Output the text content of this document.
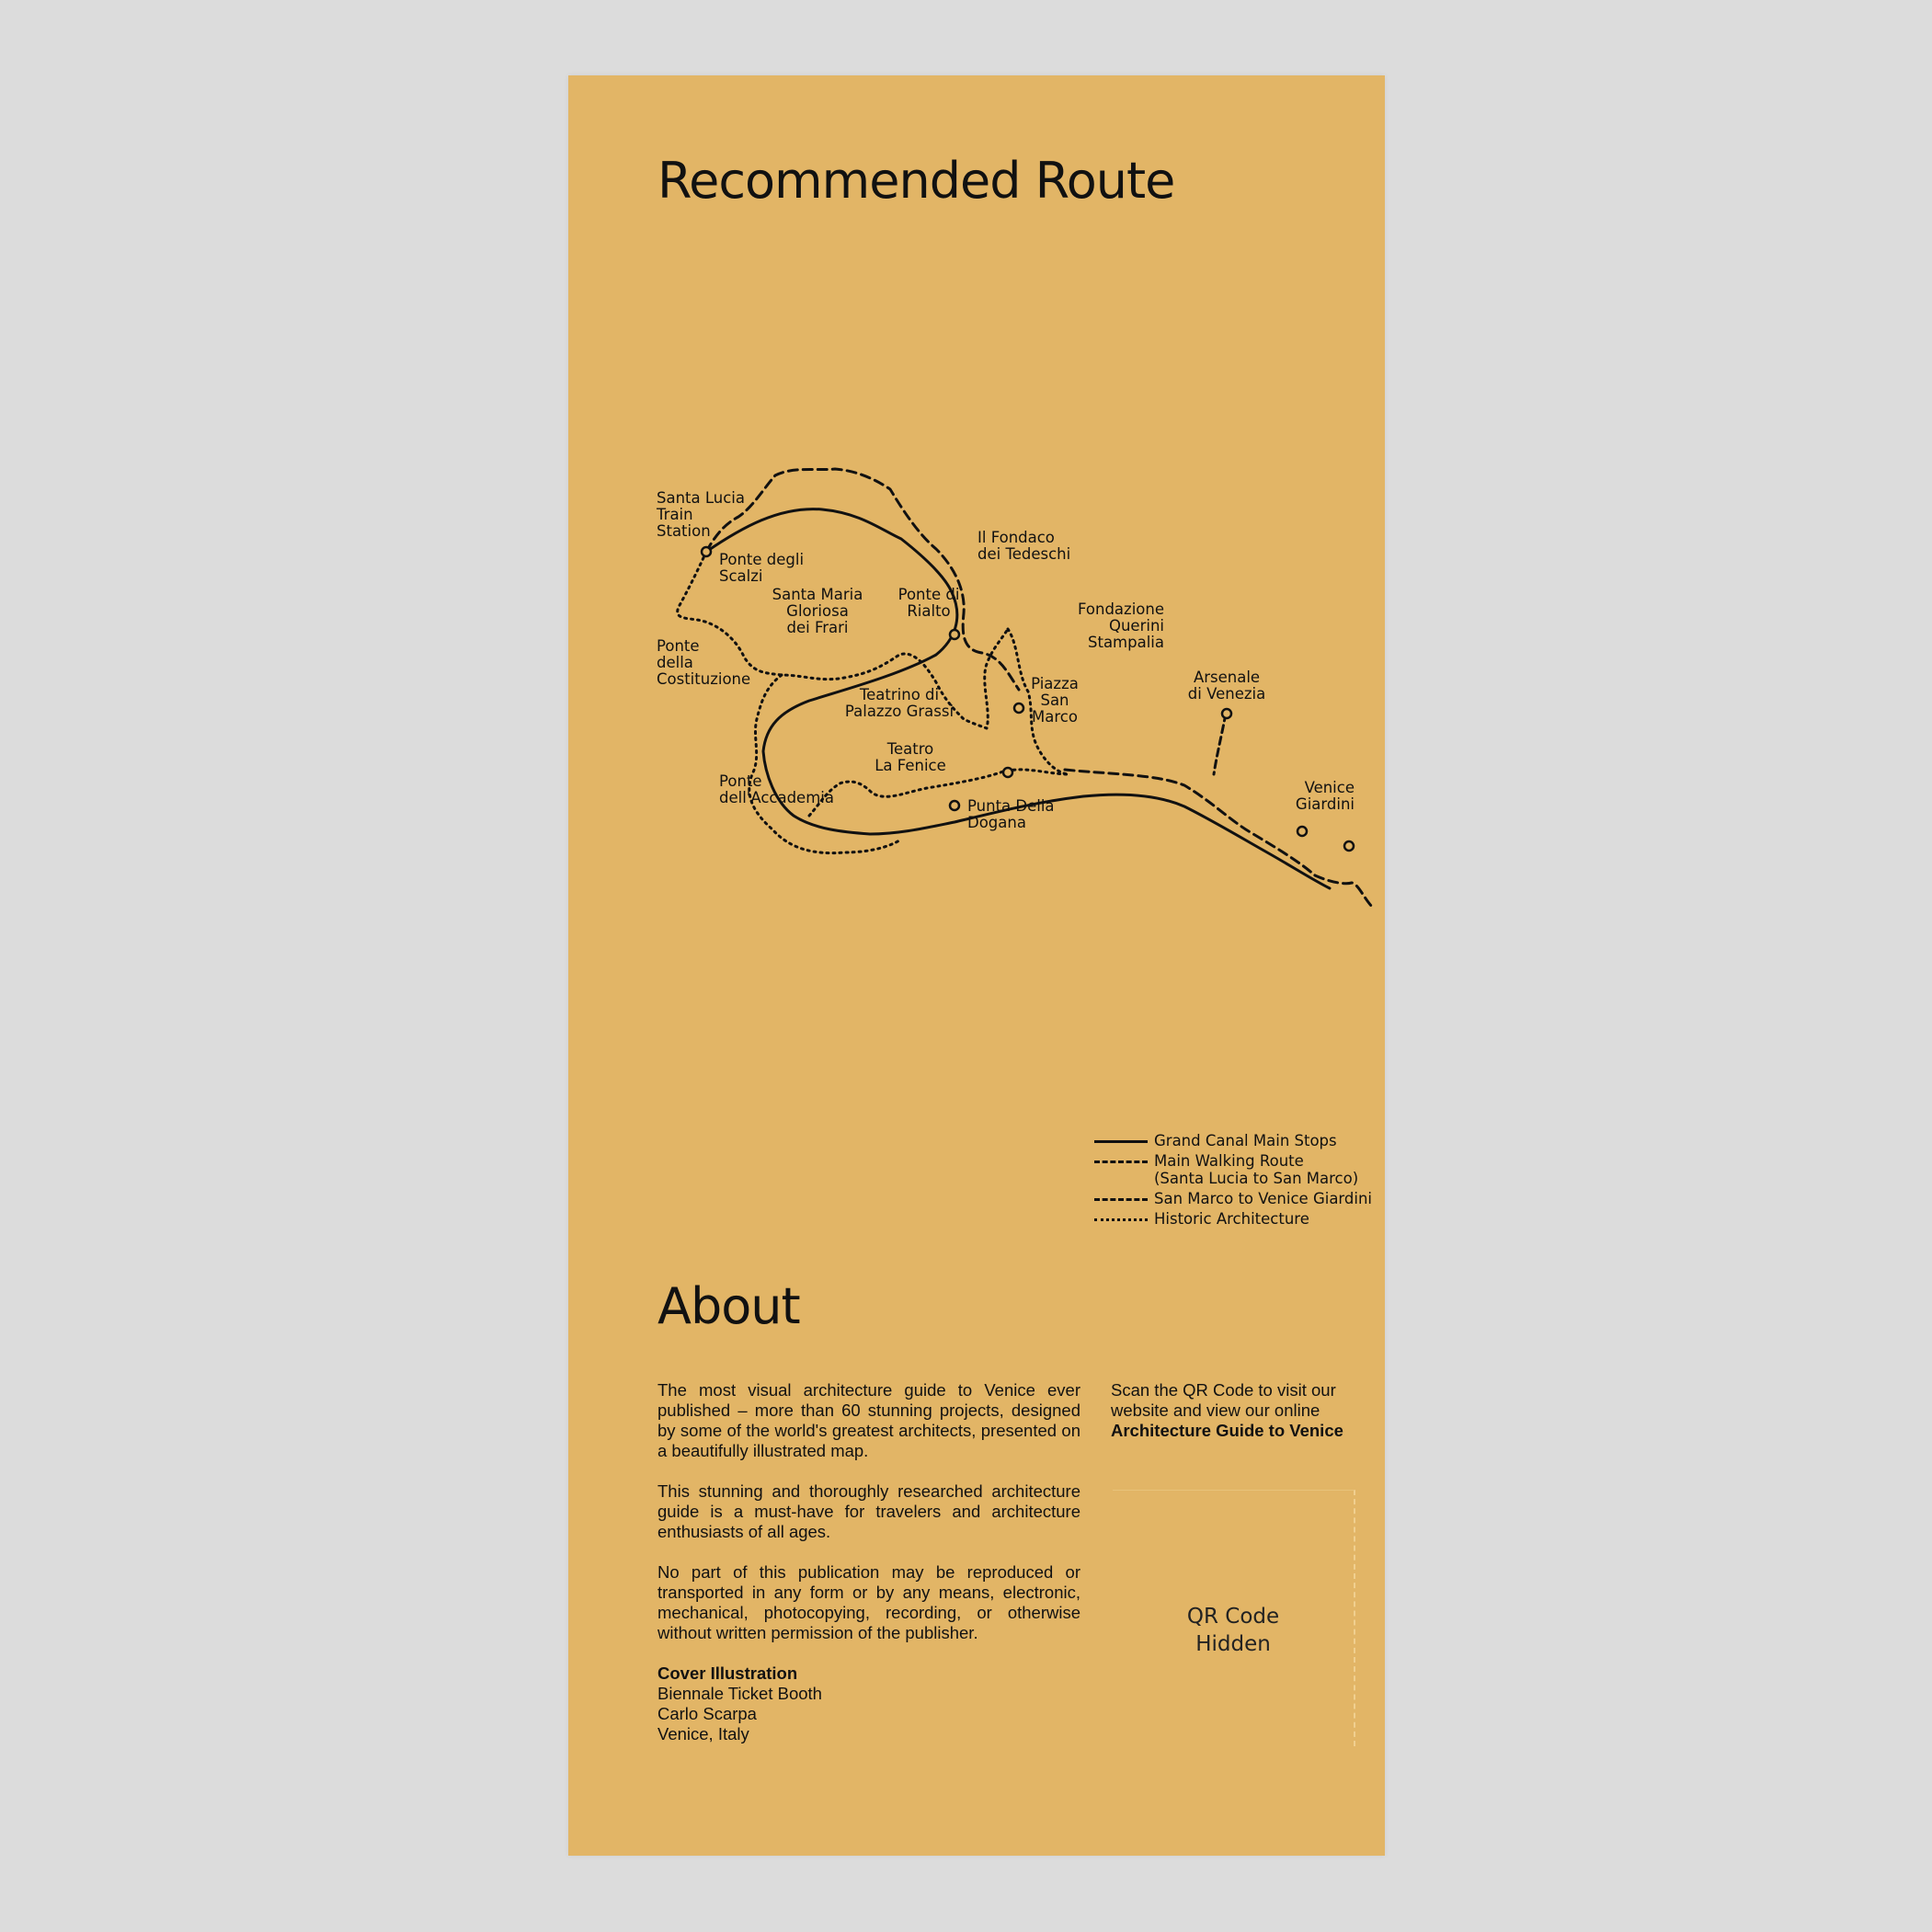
Recommended Route
Santa Lucia Train Station
Ponte degli Scalzi
Santa Maria Gloriosa dei Frari
Ponte di Rialto
Il Fondaco dei Tedeschi
Fondazione Querini Stampalia
Ponte della Costituzione
Teatrino di Palazzo Grassi
Piazza San Marco
Arsenale di Venezia
Teatro La Fenice
Ponte dell'Accademia	Punta Della Dogana
Venice Giardini
Grand Canal Main Stops
Main Walking Route
(Santa Lucia to San Marco)
San Marco to Venice Giardini
Historic Architecture
About

The most visual architecture guide to Venice ever published – more than 60 stunning projects, designed by some of the world's greatest architects, presented on a beautifully illustrated map.

This stunning and thoroughly researched architecture guide is a must-have for travelers and architecture enthusiasts of all ages.

No part of this publication may be reproduced or transported in any form or by any means, electronic, mechanical, photocopying, recording, or otherwise without written permission of the publisher.

Cover Illustration
Biennale Ticket Booth
Carlo Scarpa
Venice, Italy
Scan the QR Code to visit our
website and view our online
Architecture Guide to Venice
QR Code
Hidden
